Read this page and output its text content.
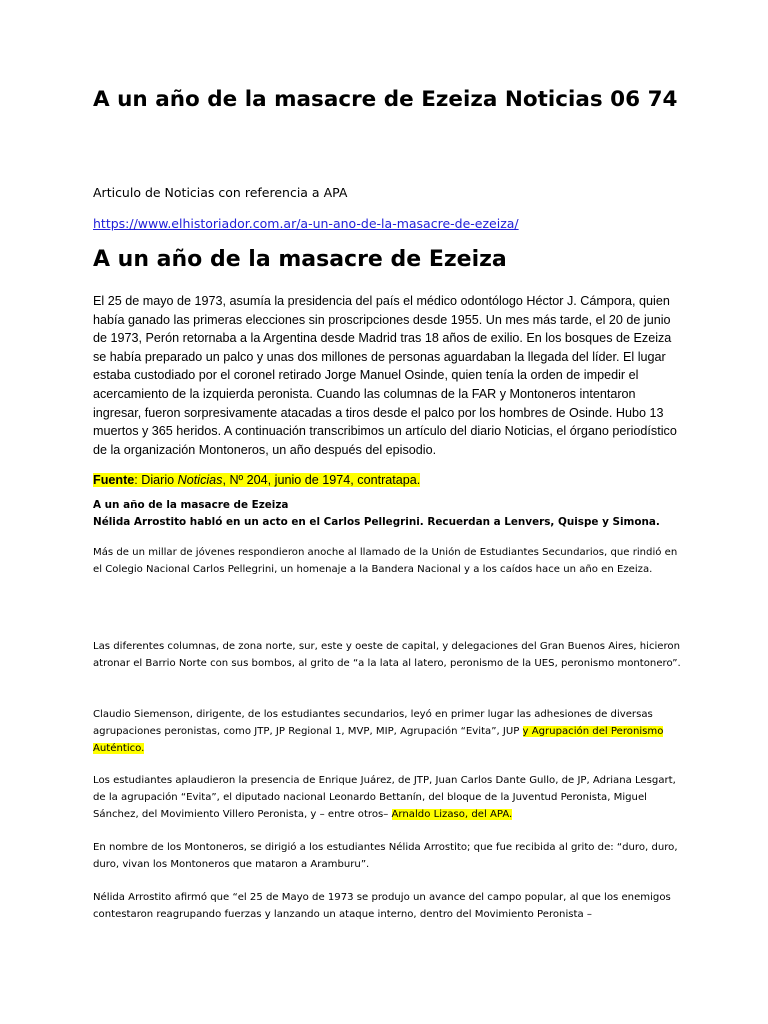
A un año de la masacre de Ezeiza Noticias 06 74

Articulo de Noticias con referencia a APA

https://www.elhistoriador.com.ar/a-un-ano-de-la-masacre-de-ezeiza/
A un año de la masacre de Ezeiza

El 25 de mayo de 1973, asumía la presidencia del país el médico odontólogo Héctor J. Cámpora, quien había ganado las primeras elecciones sin proscripciones desde 1955. Un mes más tarde, el 20 de junio de 1973, Perón retornaba a la Argentina desde Madrid tras 18 años de exilio. En los bosques de Ezeiza se había preparado un palco y unas dos millones de personas aguardaban la llegada del líder. El lugar estaba custodiado por el coronel retirado Jorge Manuel Osinde, quien tenía la orden de impedir el acercamiento de la izquierda peronista. Cuando las columnas de la FAR y Montoneros intentaron ingresar, fueron sorpresivamente atacadas a tiros desde el palco por los hombres de Osinde. Hubo 13 muertos y 365 heridos. A continuación transcribimos un artículo del diario Noticias, el órgano periodístico de la organización Montoneros, un año después del episodio.

Fuente: Diario Noticias, Nº 204, junio de 1974, contratapa.

A un año de la masacre de Ezeiza
Nélida Arrostito habló en un acto en el Carlos Pellegrini. Recuerdan a Lenvers, Quispe y Simona.

Más de un millar de jóvenes respondieron anoche al llamado de la Unión de Estudiantes Secundarios, que rindió en el Colegio Nacional Carlos Pellegrini, un homenaje a la Bandera Nacional y a los caídos hace un año en Ezeiza.

Las diferentes columnas, de zona norte, sur, este y oeste de capital, y delegaciones del Gran Buenos Aires, hicieron atronar el Barrio Norte con sus bombos, al grito de “a la lata al latero, peronismo de la UES, peronismo montonero”.

Claudio Siemenson, dirigente, de los estudiantes secundarios, leyó en primer lugar las adhesiones de diversas agrupaciones peronistas, como JTP, JP Regional 1, MVP, MIP, Agrupación “Evita”, JUP y Agrupación del Peronismo Auténtico.

Los estudiantes aplaudieron la presencia de Enrique Juárez, de JTP, Juan Carlos Dante Gullo, de JP, Adriana Lesgart, de la agrupación “Evita”, el diputado nacional Leonardo Bettanín, del bloque de la Juventud Peronista, Miguel Sánchez, del Movimiento Villero Peronista, y – entre otros– Arnaldo Lizaso, del APA.

En nombre de los Montoneros, se dirigió a los estudiantes Nélida Arrostito; que fue recibida al grito de: “duro, duro, duro, vivan los Montoneros que mataron a Aramburu”.

Nélida Arrostito afirmó que “el 25 de Mayo de 1973 se produjo un avance del campo popular, al que los enemigos contestaron reagrupando fuerzas y lanzando un ataque interno, dentro del Movimiento Peronista –
